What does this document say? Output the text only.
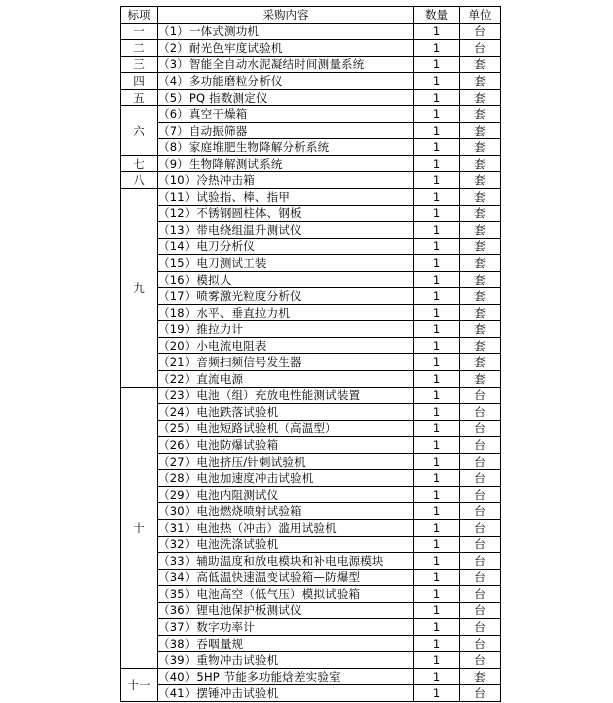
标项	采购内容	数量	单位
一	（1）一体式测功机	1	台
二	（2）耐光色牢度试验机	1	台
三	（3）智能全自动水泥凝结时间测量系统	1	套
四	（4）多功能磨粒分析仪	1	套
五	（5）PQ 指数测定仪	1	套
六	（6）真空干燥箱	1	套
	（7）自动振筛器	1	套
	（8）家庭堆肥生物降解分析系统	1	套
七	（9）生物降解测试系统	1	套
八	（10）冷热冲击箱	1	套
九	（11）试验指、棒、指甲	1	套
	（12）不锈钢圆柱体、钢板	1	套
	（13）带电绕组温升测试仪	1	套
	（14）电刀分析仪	1	套
	（15）电刀测试工装	1	套
	（16）模拟人	1	套
	（17）喷雾激光粒度分析仪	1	套
	（18）水平、垂直拉力机	1	套
	（19）推拉力计	1	套
	（20）小电流电阻表	1	套
	（21）音频扫频信号发生器	1	套
	（22）直流电源	1	套
十	（23）电池（组）充放电性能测试装置	1	台
	（24）电池跌落试验机	1	台
	（25）电池短路试验机（高温型）	1	台
	（26）电池防爆试验箱	1	台
	（27）电池挤压/针刺试验机	1	台
	（28）电池加速度冲击试验机	1	台
	（29）电池内阻测试仪	1	台
	（30）电池燃烧喷射试验箱	1	台
	（31）电池热（冲击）滥用试验机	1	台
	（32）电池洗涤试验机	1	台
	（33）辅助温度和放电模块和补电电源模块	1	台
	（34）高低温快速温变试验箱—防爆型	1	台
	（35）电池高空（低气压）模拟试验箱	1	台
	（36）锂电池保护板测试仪	1	台
	（37）数字功率计	1	台
	（38）吞咽量规	1	台
	（39）重物冲击试验机	1	台
十一	（40）5HP 节能多功能焓差实验室	1	套
	（41）摆锤冲击试验机	1	台
